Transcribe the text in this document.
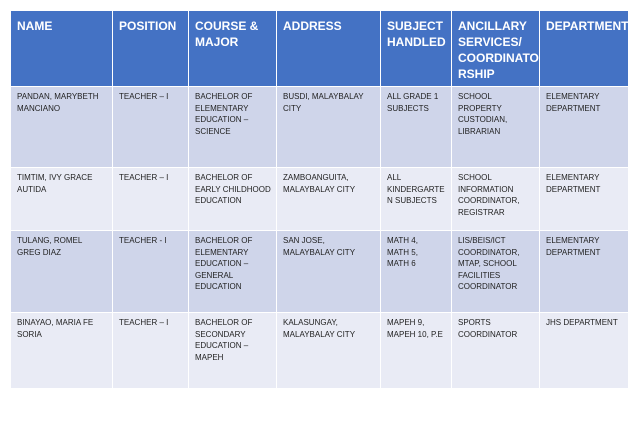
NAME	POSITION	COURSE &
MAJOR	ADDRESS	SUBJECT
HANDLED	ANCILLARY
SERVICES/
COORDINATO
RSHIP	DEPARTMENT

PANDAN, MARYBETH
MANCIANO	TEACHER – I	BACHELOR OF
ELEMENTARY
EDUCATION –
SCIENCE	BUSDI, MALAYBALAY
CITY	ALL GRADE 1
SUBJECTS	SCHOOL
PROPERTY
CUSTODIAN,
LIBRARIAN	ELEMENTARY
DEPARTMENT

TIMTIM, IVY GRACE
AUTIDA	TEACHER – I	BACHELOR OF
EARLY CHILDHOOD
EDUCATION	ZAMBOANGUITA,
MALAYBALAY CITY	ALL
KINDERGARTE
N SUBJECTS	SCHOOL
INFORMATION
COORDINATOR,
REGISTRAR	ELEMENTARY
DEPARTMENT

TULANG, ROMEL
GREG DIAZ	TEACHER - I	BACHELOR OF
ELEMENTARY
EDUCATION –
GENERAL
EDUCATION	SAN JOSE,
MALAYBALAY CITY	MATH 4,
MATH 5,
MATH 6	LIS/BEIS/ICT
COORDINATOR,
MTAP, SCHOOL
FACILITIES
COORDINATOR	ELEMENTARY
DEPARTMENT

BINAYAO, MARIA FE
SORIA	TEACHER – I	BACHELOR OF
SECONDARY
EDUCATION –
MAPEH	KALASUNGAY,
MALAYBALAY CITY	MAPEH 9,
MAPEH 10, P.E	SPORTS
COORDINATOR	JHS DEPARTMENT
